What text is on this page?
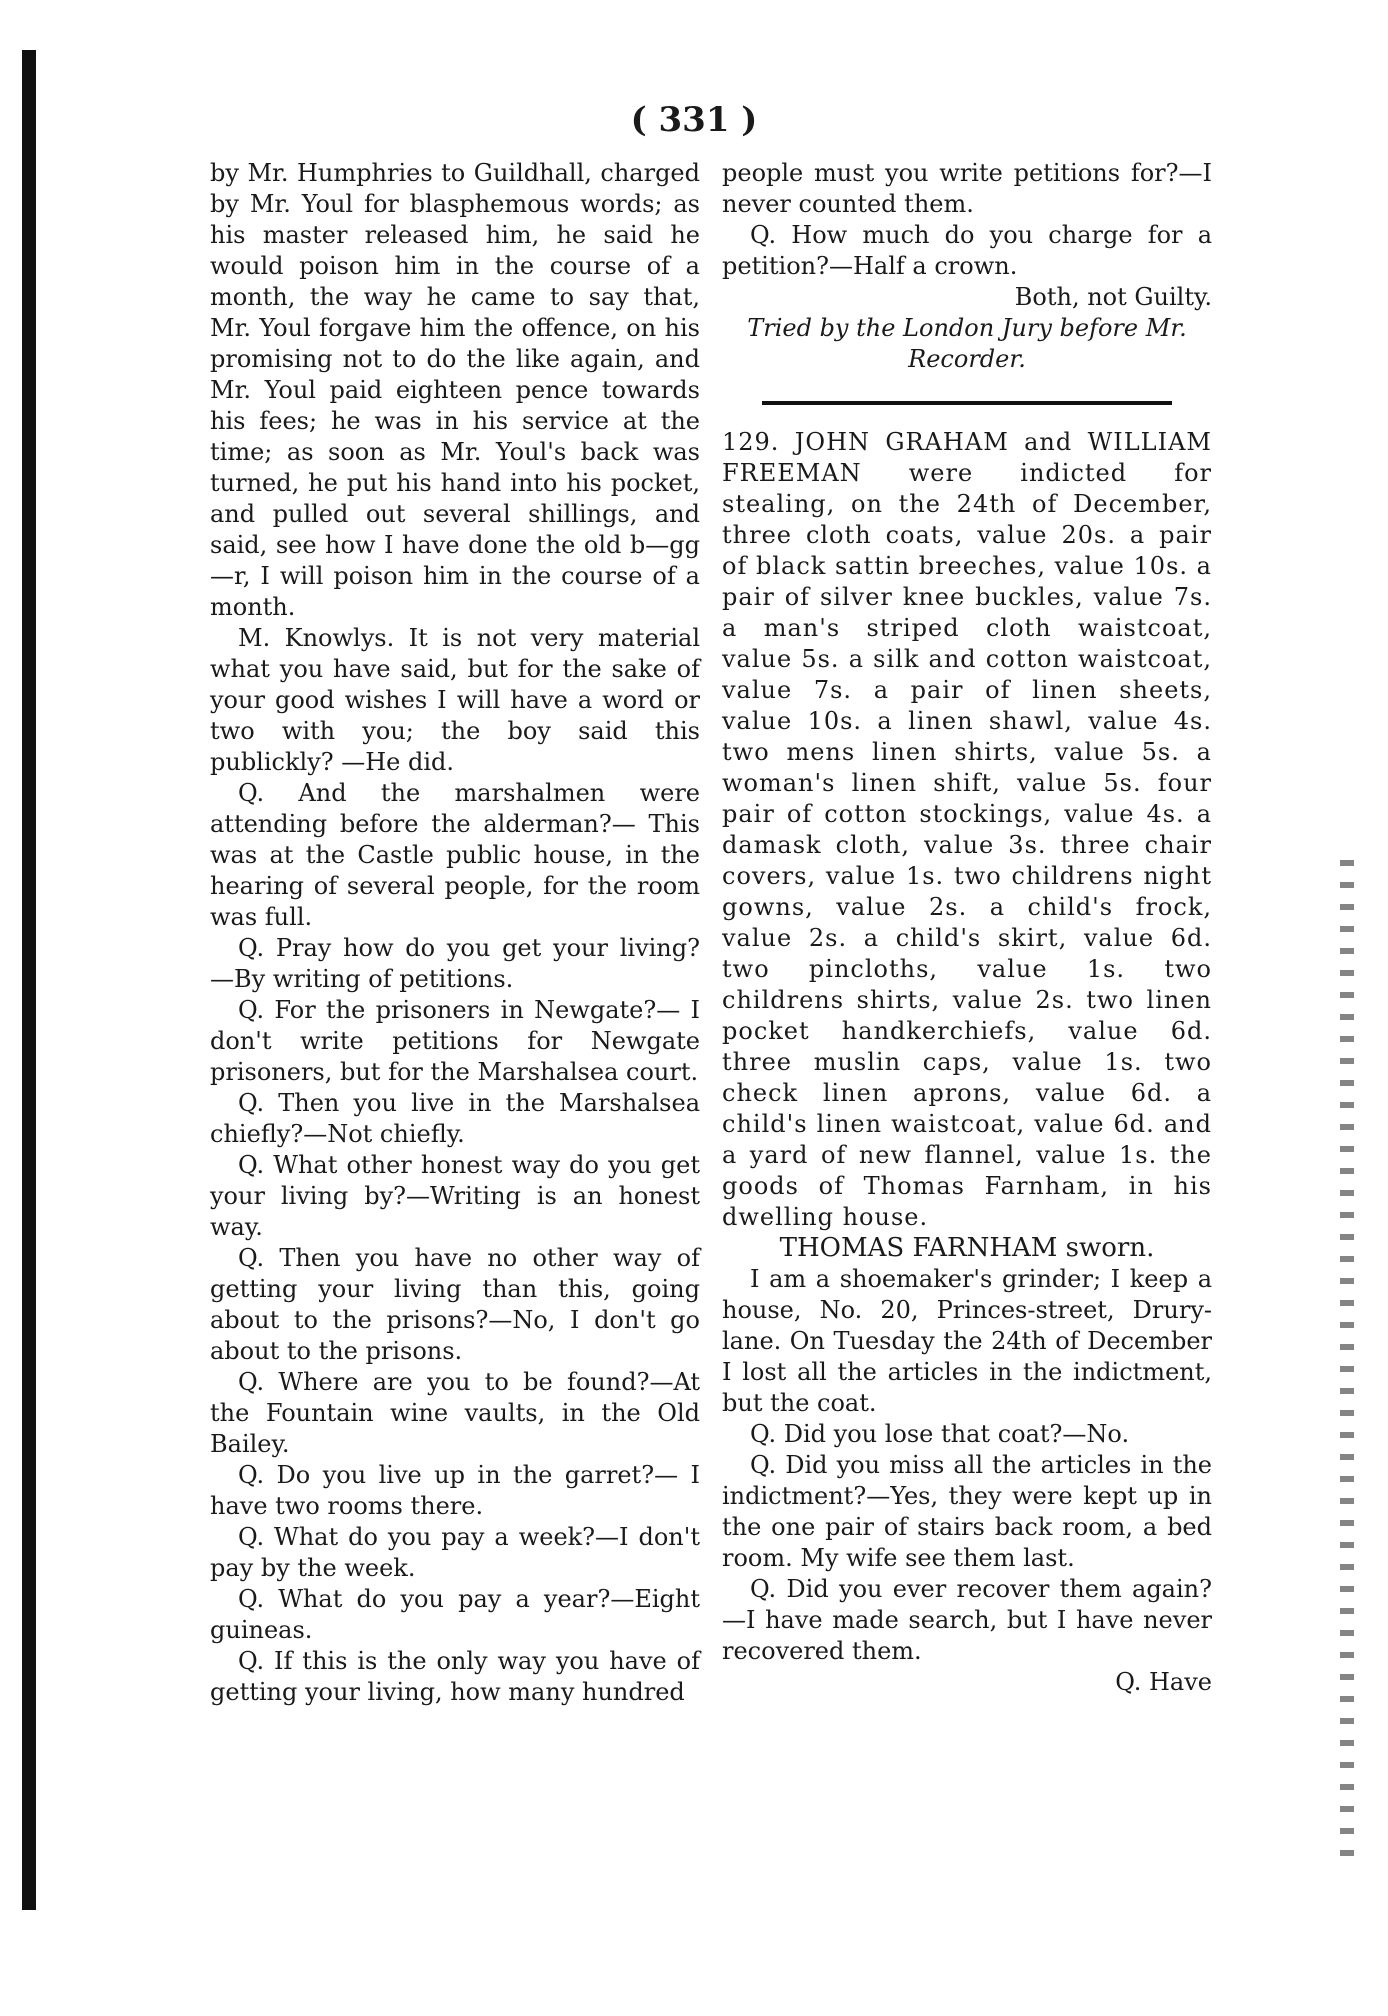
( 331 )

by Mr. Humphries to Guildhall, charged by Mr. Youl for blasphemous words; as his master released him, he said he would poison him in the course of a month, the way he came to say that, Mr. Youl forgave him the offence, on his promising not to do the like again, and Mr. Youl paid eighteen pence towards his fees; he was in his service at the time; as soon as Mr. Youl's back was turned, he put his hand into his pocket, and pulled out several shillings, and said, see how I have done the old b—gg—r, I will poison him in the course of a month.

M. Knowlys. It is not very material what you have said, but for the sake of your good wishes I will have a word or two with you; the boy said this publickly? —He did.

Q. And the marshalmen were attending before the alderman?— This was at the Castle public house, in the hearing of several people, for the room was full.

Q. Pray how do you get your living? —By writing of petitions.

Q. For the prisoners in Newgate?— I don't write petitions for Newgate prisoners, but for the Marshalsea court.

Q. Then you live in the Marshalsea chiefly?—Not chiefly.

Q. What other honest way do you get your living by?—Writing is an honest way.

Q. Then you have no other way of getting your living than this, going about to the prisons?—No, I don't go about to the prisons.

Q. Where are you to be found?—At the Fountain wine vaults, in the Old Bailey.

Q. Do you live up in the garret?— I have two rooms there.

Q. What do you pay a week?—I don't pay by the week.

Q. What do you pay a year?—Eight guineas.

Q. If this is the only way you have of getting your living, how many hundred

people must you write petitions for?—I never counted them.

Q. How much do you charge for a petition?—Half a crown.

Both, not Guilty.

Tried by the London Jury before Mr. Recorder.

129. JOHN GRAHAM and WILLIAM FREEMAN were indicted for stealing, on the 24th of December, three cloth coats, value 20s. a pair of black sattin breeches, value 10s. a pair of silver knee buckles, value 7s. a man's striped cloth waistcoat, value 5s. a silk and cotton waistcoat, value 7s. a pair of linen sheets, value 10s. a linen shawl, value 4s. two mens linen shirts, value 5s. a woman's linen shift, value 5s. four pair of cotton stockings, value 4s. a damask cloth, value 3s. three chair covers, value 1s. two childrens night gowns, value 2s. a child's frock, value 2s. a child's skirt, value 6d. two pincloths, value 1s. two childrens shirts, value 2s. two linen pocket handkerchiefs, value 6d. three muslin caps, value 1s. two check linen aprons, value 6d. a child's linen waistcoat, value 6d. and a yard of new flannel, value 1s. the goods of Thomas Farnham, in his dwelling house.

THOMAS FARNHAM sworn.

I am a shoemaker's grinder; I keep a house, No. 20, Princes-street, Drury-lane. On Tuesday the 24th of December I lost all the articles in the indictment, but the coat.

Q. Did you lose that coat?—No.

Q. Did you miss all the articles in the indictment?—Yes, they were kept up in the one pair of stairs back room, a bed room. My wife see them last.

Q. Did you ever recover them again? —I have made search, but I have never recovered them.

Q. Have
